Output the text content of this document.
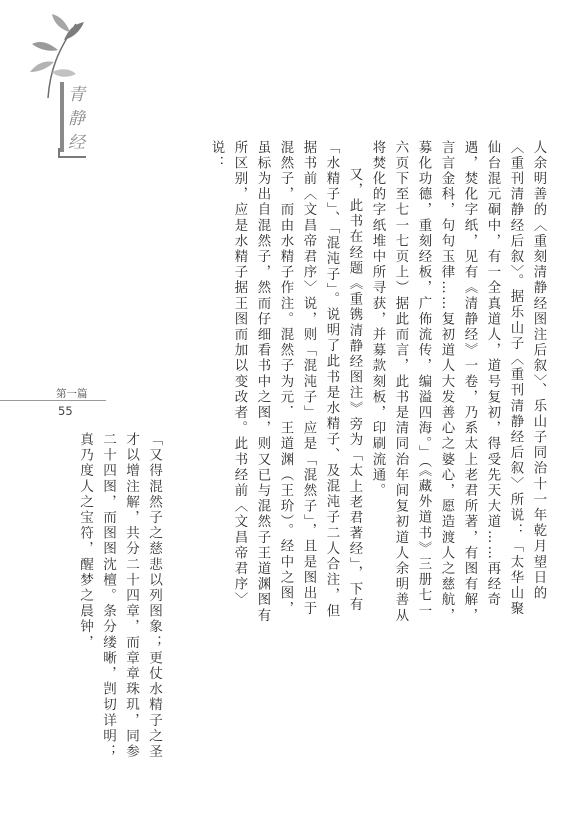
青
静
经	人余明善的〈重刻清静经图注后叙〉、乐山子同治十一年乾月望日的〈重刊清静经后叙〉。据乐山子〈重刊清静经后叙〉所说：「太华山聚仙台混元硐中，有一全真道人，道号复初，得受先天大道……再经奇遇，焚化字纸，见有《清静经》一卷，乃系太上老君所著，有图有解，言言金科，句句玉律……复初道人大发善心之婆心，愿造渡人之慈航，募化功德，重刻经板，广佈流传，编溢四海。」（《藏外道书》三册七一六页下至七一七页上）据此而言，此书是清同治年间复初道人余明善从将焚化的字纸堆中所寻获，并募款刻板，印刷流通。

又，此书在经题《重镌清静经图注》旁为「太上老君著经」，下有「水精子」、「混沌子」。说明了此书是水精子、及混沌子二人合注，但据书前〈文昌帝君序〉说，则「混沌子」应是「混然子」，且是图出于混然子，而由水精子作注。混然子为元．王道渊（王玠）。经中之图，虽标为出自混然子，然而仔细看书中之图，则又已与混然子王道渊图有所区别，应是水精子据王图而加以变改者。此书经前〈文昌帝君序〉说：

「又得混然子之慈悲以列图象；更仗水精子之圣才以增注解，共分二十四章，而章章珠玑，同参二十四图，而图图沈檀。条分缕晰，剀切详明；真乃度人之宝符，醒梦之晨钟，

第一篇
55
